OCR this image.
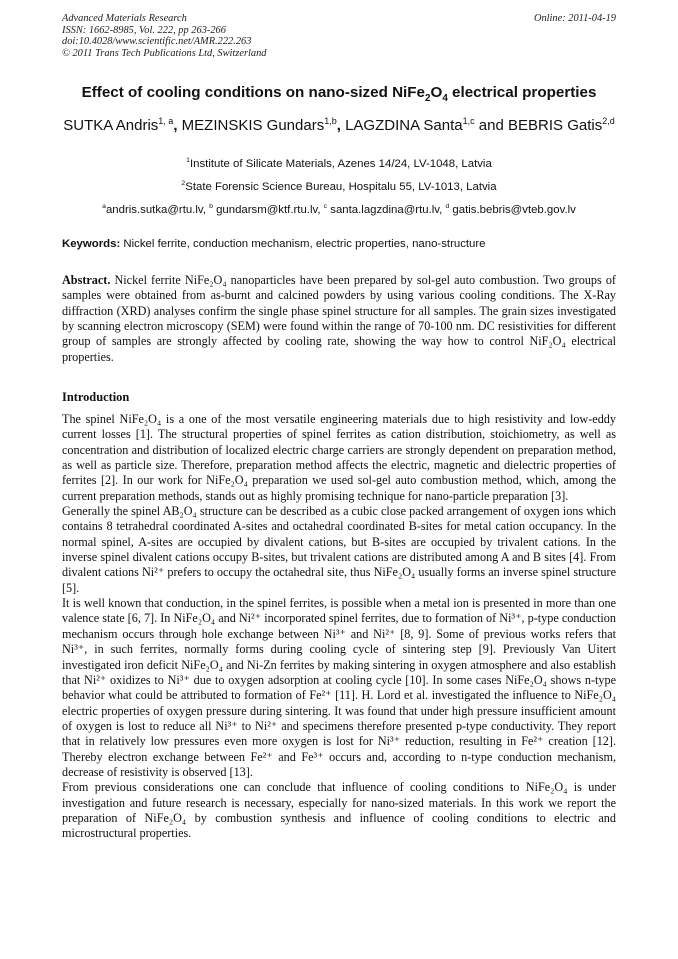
Advanced Materials Research
ISSN: 1662-8985, Vol. 222, pp 263-266
doi:10.4028/www.scientific.net/AMR.222.263
© 2011 Trans Tech Publications Ltd, Switzerland
Online: 2011-04-19
Effect of cooling conditions on nano-sized $NiFe_2O_4$ electrical properties
SUTKA Andris$^{1, a}$, MEZINSKIS Gundars$^{1,b}$, LAGZDINA Santa$^{1,c}$ and BEBRIS Gatis$^{2,d}$
$^1$Institute of Silicate Materials, Azenes 14/24, LV-1048, Latvia
$^2$State Forensic Science Bureau, Hospitalu 55, LV-1013, Latvia
$^a$andris.sutka@rtu.lv, $^b$ gundarsm@ktf.rtu.lv, $^c$ santa.lagzdina@rtu.lv, $^d$ gatis.bebris@vteb.gov.lv
Keywords: Nickel ferrite, conduction mechanism, electric properties, nano-structure
Abstract. Nickel ferrite NiFe₂O₄ nanoparticles have been prepared by sol-gel auto combustion. Two groups of samples were obtained from as-burnt and calcined powders by using various cooling conditions. The X-Ray diffraction (XRD) analyses confirm the single phase spinel structure for all samples. The grain sizes investigated by scanning electron microscopy (SEM) were found within the range of 70-100 nm. DC resistivities for different group of samples are strongly affected by cooling rate, showing the way how to control NiF₂O₄ electrical properties.
Introduction

The spinel NiFe₂O₄ is a one of the most versatile engineering materials due to high resistivity and low-eddy current losses [1]. The structural properties of spinel ferrites as cation distribution, stoichiometry, as well as concentration and distribution of localized electric charge carriers are strongly dependent on preparation method, as well as particle size. Therefore, preparation method affects the electric, magnetic and dielectric properties of ferrites [2]. In our work for NiFe₂O₄ preparation we used sol-gel auto combustion method, which, among the current preparation methods, stands out as highly promising technique for nano-particle preparation [3].

Generally the spinel AB₂O₄ structure can be described as a cubic close packed arrangement of oxygen ions which contains 8 tetrahedral coordinated A-sites and octahedral coordinated B-sites for metal cation occupancy. In the normal spinel, A-sites are occupied by divalent cations, but B-sites are occupied by trivalent cations. In the inverse spinel divalent cations occupy B-sites, but trivalent cations are distributed among A and B sites [4]. From divalent cations Ni²⁺ prefers to occupy the octahedral site, thus NiFe₂O₄ usually forms an inverse spinel structure [5].

It is well known that conduction, in the spinel ferrites, is possible when a metal ion is presented in more than one valence state [6, 7]. In NiFe₂O₄ and Ni²⁺ incorporated spinel ferrites, due to formation of Ni³⁺, p-type conduction mechanism occurs through hole exchange between Ni³⁺ and Ni²⁺ [8, 9]. Some of previous works refers that Ni³⁺, in such ferrites, normally forms during cooling cycle of sintering step [9]. Previously Van Uitert investigated iron deficit NiFe₂O₄ and Ni-Zn ferrites by making sintering in oxygen atmosphere and also establish that Ni²⁺ oxidizes to Ni³⁺ due to oxygen adsorption at cooling cycle [10]. In some cases NiFe₂O₄ shows n-type behavior what could be attributed to formation of Fe²⁺ [11]. H. Lord et al. investigated the influence to NiFe₂O₄ electric properties of oxygen pressure during sintering. It was found that under high pressure insufficient amount of oxygen is lost to reduce all Ni³⁺ to Ni²⁺ and specimens therefore presented p-type conductivity. They report that in relatively low pressures even more oxygen is lost for Ni³⁺ reduction, resulting in Fe²⁺ creation [12]. Thereby electron exchange between Fe²⁺ and Fe³⁺ occurs and, according to n-type conduction mechanism, decrease of resistivity is observed [13].

From previous considerations one can conclude that influence of cooling conditions to NiFe₂O₄ is under investigation and future research is necessary, especially for nano-sized materials. In this work we report the preparation of NiFe₂O₄ by combustion synthesis and influence of cooling conditions to electric and microstructural properties.
